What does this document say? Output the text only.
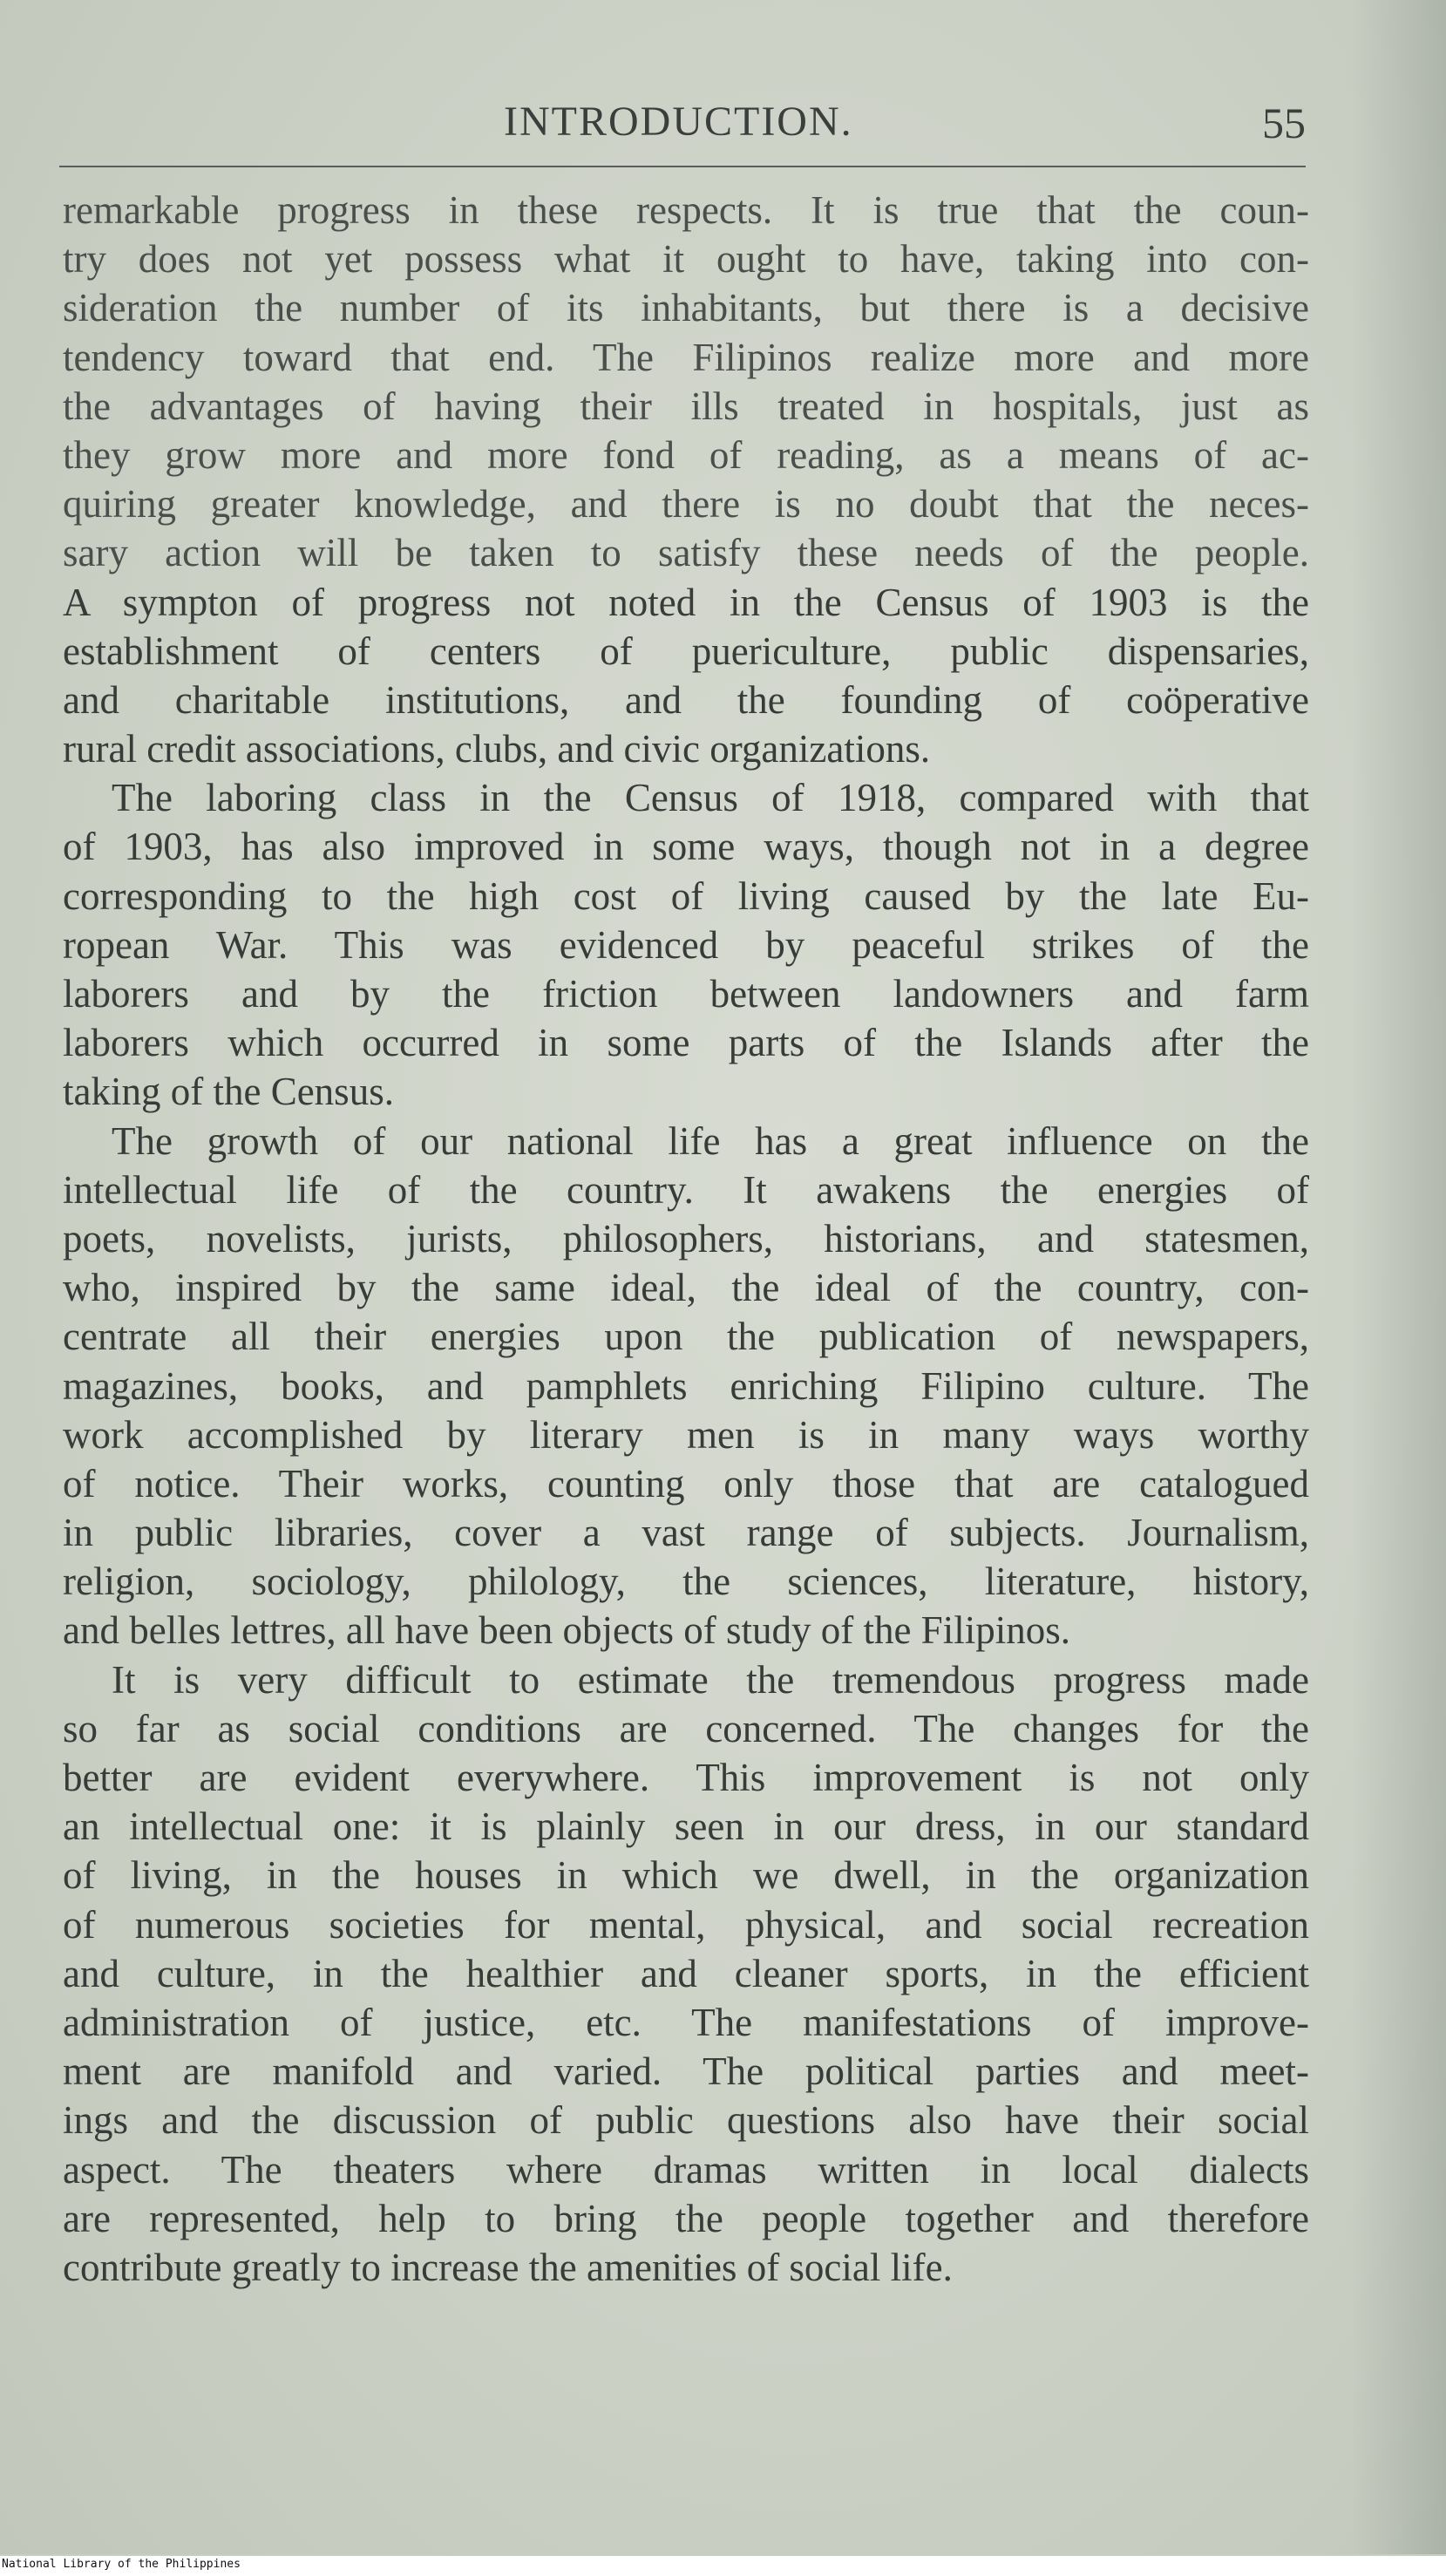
INTRODUCTION.	55
remarkable progress in these respects. It is true that the coun-
try does not yet possess what it ought to have, taking into con-
sideration the number of its inhabitants, but there is a decisive
tendency toward that end. The Filipinos realize more and more
the advantages of having their ills treated in hospitals, just as
they grow more and more fond of reading, as a means of ac-
quiring greater knowledge, and there is no doubt that the neces-
sary action will be taken to satisfy these needs of the people.
A sympton of progress not noted in the Census of 1903 is the
establishment of centers of puericulture, public dispensaries,
and charitable institutions, and the founding of coöperative
rural credit associations, clubs, and civic organizations.
The laboring class in the Census of 1918, compared with that
of 1903, has also improved in some ways, though not in a degree
corresponding to the high cost of living caused by the late Eu-
ropean War. This was evidenced by peaceful strikes of the
laborers and by the friction between landowners and farm
laborers which occurred in some parts of the Islands after the
taking of the Census.
The growth of our national life has a great influence on the
intellectual life of the country. It awakens the energies of
poets, novelists, jurists, philosophers, historians, and statesmen,
who, inspired by the same ideal, the ideal of the country, con-
centrate all their energies upon the publication of newspapers,
magazines, books, and pamphlets enriching Filipino culture. The
work accomplished by literary men is in many ways worthy
of notice. Their works, counting only those that are catalogued
in public libraries, cover a vast range of subjects. Journalism,
religion, sociology, philology, the sciences, literature, history,
and belles lettres, all have been objects of study of the Filipinos.
It is very difficult to estimate the tremendous progress made
so far as social conditions are concerned. The changes for the
better are evident everywhere. This improvement is not only
an intellectual one: it is plainly seen in our dress, in our standard
of living, in the houses in which we dwell, in the organization
of numerous societies for mental, physical, and social recreation
and culture, in the healthier and cleaner sports, in the efficient
administration of justice, etc. The manifestations of improve-
ment are manifold and varied. The political parties and meet-
ings and the discussion of public questions also have their social
aspect. The theaters where dramas written in local dialects
are represented, help to bring the people together and therefore
contribute greatly to increase the amenities of social life.
National Library of the Philippines
